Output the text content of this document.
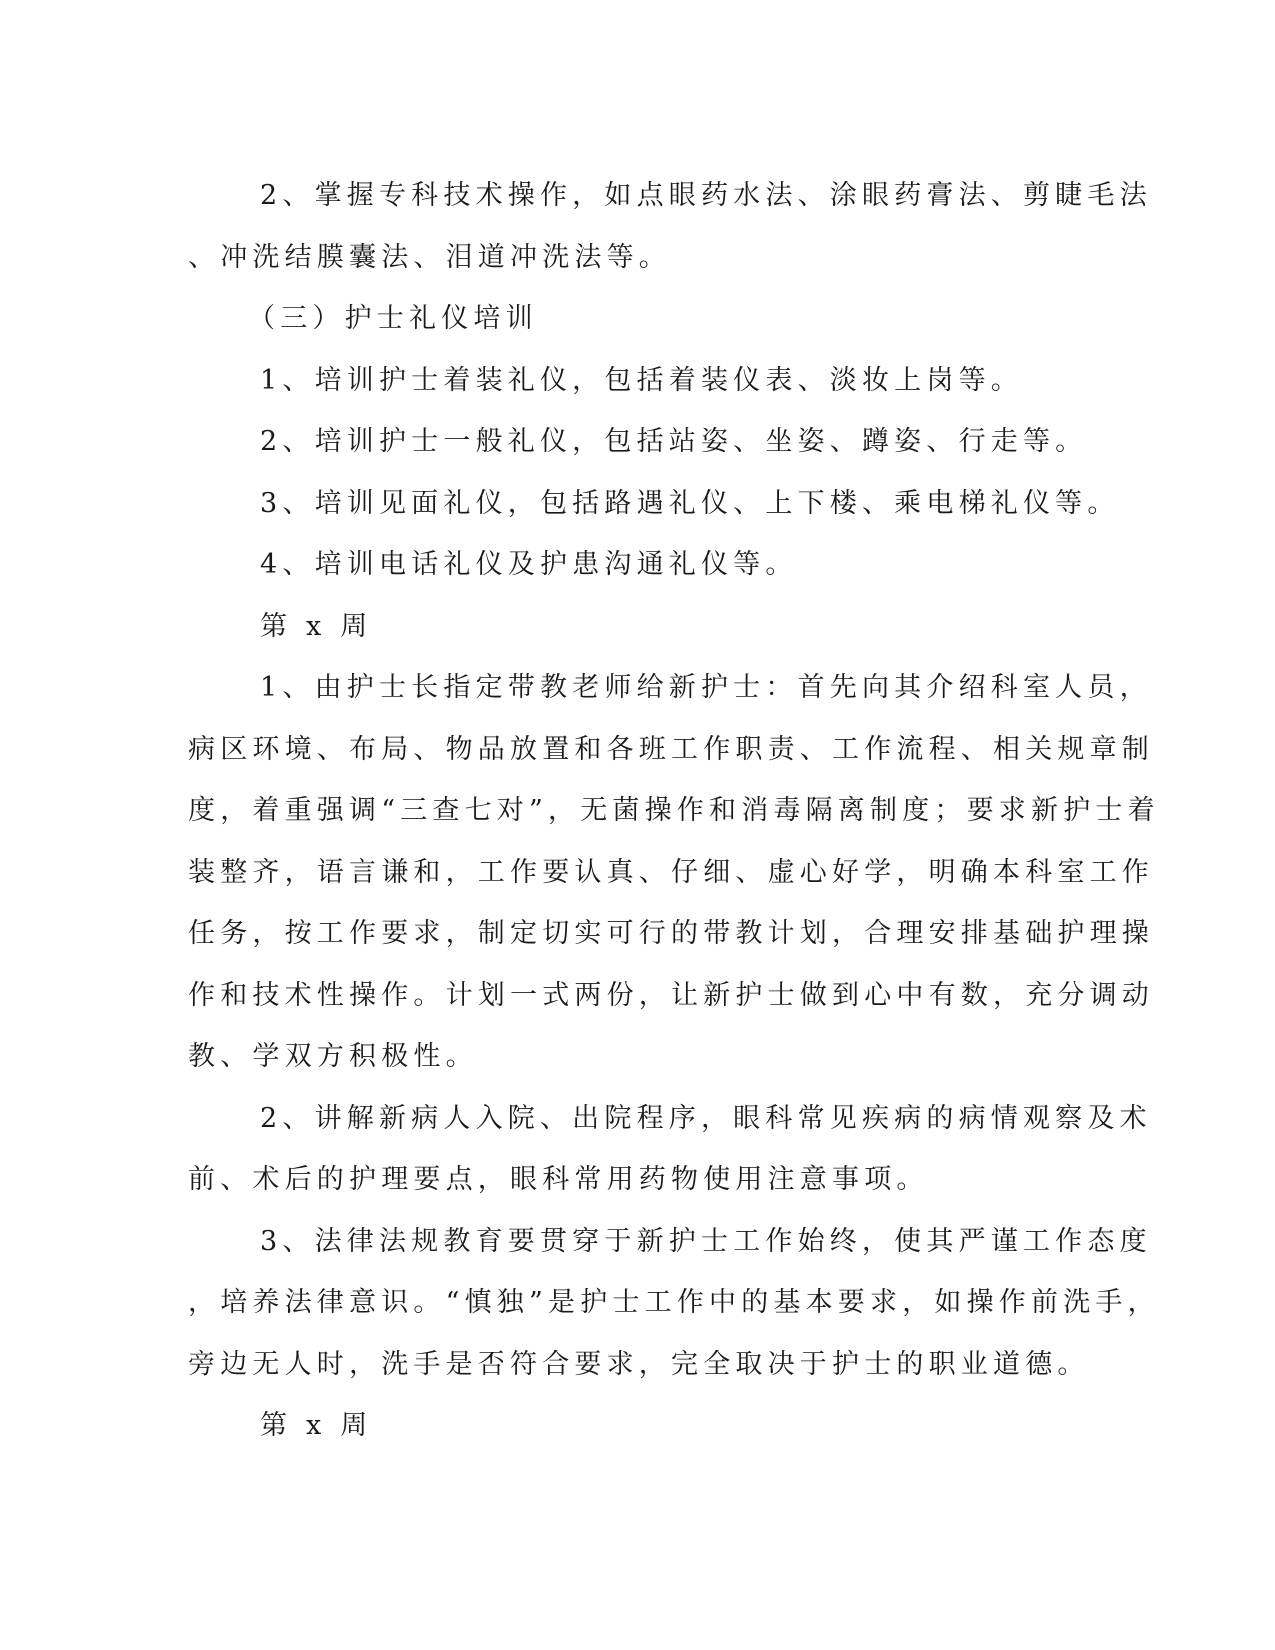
2、掌握专科技术操作，如点眼药水法、涂眼药膏法、剪睫毛法
、冲洗结膜囊法、泪道冲洗法等。

（三）护士礼仪培训

1、培训护士着装礼仪，包括着装仪表、淡妆上岗等。

2、培训护士一般礼仪，包括站姿、坐姿、蹲姿、行走等。

3、培训见面礼仪，包括路遇礼仪、上下楼、乘电梯礼仪等。

4、培训电话礼仪及护患沟通礼仪等。

第 x 周

1、由护士长指定带教老师给新护士：首先向其介绍科室人员，
病区环境、布局、物品放置和各班工作职责、工作流程、相关规章制
度，着重强调“三查七对”，无菌操作和消毒隔离制度；要求新护士着
装整齐，语言谦和，工作要认真、仔细、虚心好学，明确本科室工作
任务，按工作要求，制定切实可行的带教计划，合理安排基础护理操
作和技术性操作。计划一式两份，让新护士做到心中有数，充分调动
教、学双方积极性。

2、讲解新病人入院、出院程序，眼科常见疾病的病情观察及术
前、术后的护理要点，眼科常用药物使用注意事项。

3、法律法规教育要贯穿于新护士工作始终，使其严谨工作态度
，培养法律意识。“慎独”是护士工作中的基本要求，如操作前洗手，
旁边无人时，洗手是否符合要求，完全取决于护士的职业道德。

第 x 周
